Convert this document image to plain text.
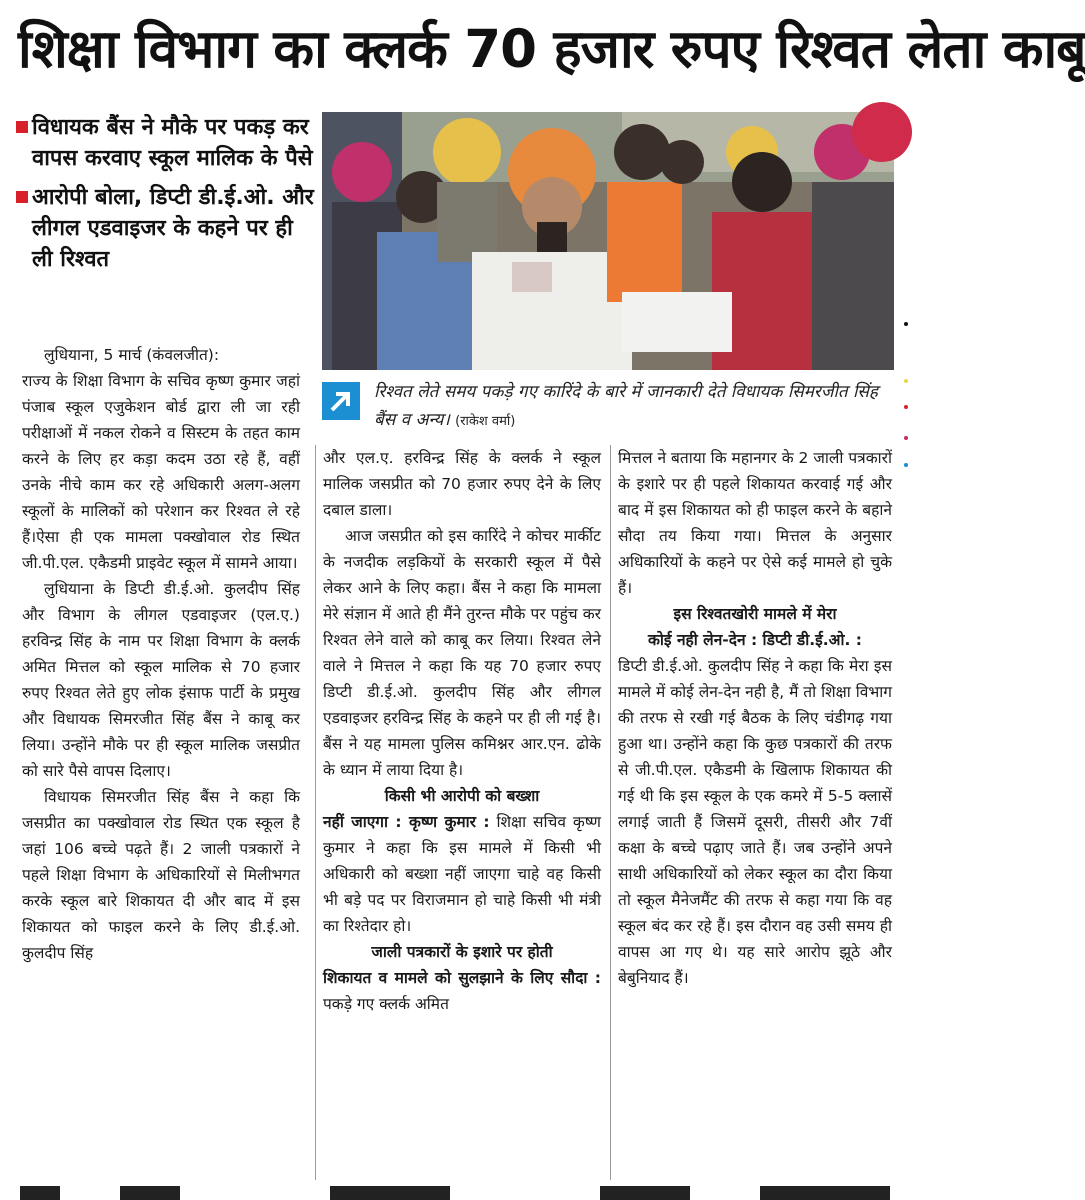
शिक्षा विभाग का क्लर्क 70 हजार रुपए रिश्वत लेता काबू
विधायक बैंस ने मौके पर पकड़ कर वापस करवाए स्कूल मालिक के पैसे
आरोपी बोला, डिप्टी डी.ई.ओ. और लीगल एडवाइजर के कहने पर ही ली रिश्वत
रिश्वत लेते समय पकड़े गए कारिंदे के बारे में जानकारी देते विधायक सिमरजीत सिंह बैंस व अन्य। (राकेश वर्मा)

लुधियाना, 5 मार्च (कंवलजीत):

राज्य के शिक्षा विभाग के सचिव कृष्ण कुमार जहां पंजाब स्कूल एजुकेशन बोर्ड द्वारा ली जा रही परीक्षाओं में नकल रोकने व सिस्टम के तहत काम करने के लिए हर कड़ा कदम उठा रहे हैं, वहीं उनके नीचे काम कर रहे अधिकारी अलग-अलग स्कूलों के मालिकों को परेशान कर रिश्वत ले रहे हैं।ऐसा ही एक मामला पक्खोवाल रोड स्थित जी.पी.एल. एकैडमी प्राइवेट स्कूल में सामने आया।

लुधियाना के डिप्टी डी.ई.ओ. कुलदीप सिंह और विभाग के लीगल एडवाइजर (एल.ए.) हरविन्द्र सिंह के नाम पर शिक्षा विभाग के क्लर्क अमित मित्तल को स्कूल मालिक से 70 हजार रुपए रिश्वत लेते हुए लोक इंसाफ पार्टी के प्रमुख और विधायक सिमरजीत सिंह बैंस ने काबू कर लिया। उन्होंने मौके पर ही स्कूल मालिक जसप्रीत को सारे पैसे वापस दिलाए।

विधायक सिमरजीत सिंह बैंस ने कहा कि जसप्रीत का पक्खोवाल रोड स्थित एक स्कूल है जहां 106 बच्चे पढ़ते हैं। 2 जाली पत्रकारों ने पहले शिक्षा विभाग के अधिकारियों से मिलीभगत करके स्कूल बारे शिकायत दी और बाद में इस शिकायत को फाइल करने के लिए डी.ई.ओ. कुलदीप सिंह

और एल.ए. हरविन्द्र सिंह के क्लर्क ने स्कूल मालिक जसप्रीत को 70 हजार रुपए देने के लिए दबाल डाला।

आज जसप्रीत को इस कारिंदे ने कोचर मार्कीट के नजदीक लड़कियों के सरकारी स्कूल में पैसे लेकर आने के लिए कहा। बैंस ने कहा कि मामला मेरे संज्ञान में आते ही मैंने तुरन्त मौके पर पहुंच कर रिश्वत लेने वाले को काबू कर लिया। रिश्वत लेने वाले ने मित्तल ने कहा कि यह 70 हजार रुपए डिप्टी डी.ई.ओ. कुलदीप सिंह और लीगल एडवाइजर हरविन्द्र सिंह के कहने पर ही ली गई है। बैंस ने यह मामला पुलिस कमिश्नर आर.एन. ढोके के ध्यान में लाया दिया है।

किसी भी आरोपी को बख्शा

नहीं जाएगा : कृष्ण कुमार : शिक्षा सचिव कृष्ण कुमार ने कहा कि इस मामले में किसी भी अधिकारी को बख्शा नहीं जाएगा चाहे वह किसी भी बड़े पद पर विराजमान हो चाहे किसी भी मंत्री का रिश्तेदार हो।

जाली पत्रकारों के इशारे पर होती

शिकायत व मामले को सुलझाने के लिए सौदा : पकड़े गए क्लर्क अमित

मित्तल ने बताया कि महानगर के 2 जाली पत्रकारों के इशारे पर ही पहले शिकायत करवाई गई और बाद में इस शिकायत को ही फाइल करने के बहाने सौदा तय किया गया। मित्तल के अनुसार अधिकारियों के कहने पर ऐसे कई मामले हो चुके हैं।

इस रिश्वतखोरी मामले में मेरा
कोई नही लेन-देन : डिप्टी डी.ई.ओ. :

डिप्टी डी.ई.ओ. कुलदीप सिंह ने कहा कि मेरा इस मामले में कोई लेन-देन नही है, मैं तो शिक्षा विभाग की तरफ से रखी गई बैठक के लिए चंडीगढ़ गया हुआ था। उन्होंने कहा कि कुछ पत्रकारों की तरफ से जी.पी.एल. एकैडमी के खिलाफ शिकायत की गई थी कि इस स्कूल के एक कमरे में 5-5 क्लासें लगाई जाती हैं जिसमें दूसरी, तीसरी और 7वीं कक्षा के बच्चे पढ़ाए जाते हैं। जब उन्होंने अपने साथी अधिकारियों को लेकर स्कूल का दौरा किया तो स्कूल मैनेजमैंट की तरफ से कहा गया कि वह स्कूल बंद कर रहे हैं। इस दौरान वह उसी समय ही वापस आ गए थे। यह सारे आरोप झूठे और बेबुनियाद हैं।
